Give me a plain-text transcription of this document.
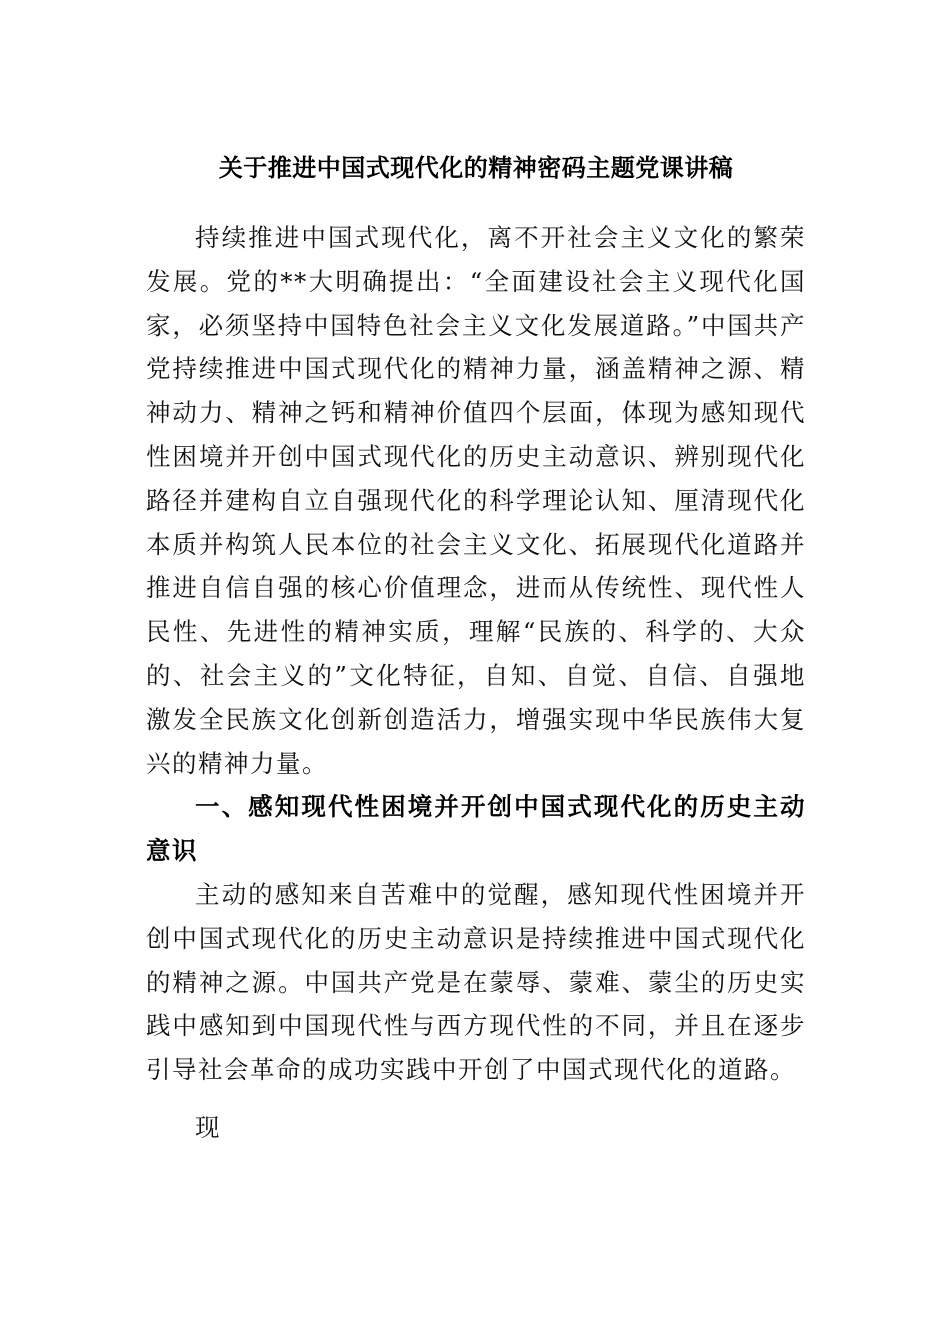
关于推进中国式现代化的精神密码主题党课讲稿

持续推进中国式现代化，离不开社会主义文化的繁荣发展。党的**大明确提出：“全面建设社会主义现代化国家，必须坚持中国特色社会主义文化发展道路。”中国共产党持续推进中国式现代化的精神力量，涵盖精神之源、精神动力、精神之钙和精神价值四个层面，体现为感知现代性困境并开创中国式现代化的历史主动意识、辨别现代化路径并建构自立自强现代化的科学理论认知、厘清现代化本质并构筑人民本位的社会主义文化、拓展现代化道路并推进自信自强的核心价值理念，进而从传统性、现代性人民性、先进性的精神实质，理解“民族的、科学的、大众的、社会主义的”文化特征，自知、自觉、自信、自强地激发全民族文化创新创造活力，增强实现中华民族伟大复兴的精神力量。

一、感知现代性困境并开创中国式现代化的历史主动意识

主动的感知来自苦难中的觉醒，感知现代性困境并开创中国式现代化的历史主动意识是持续推进中国式现代化的精神之源。中国共产党是在蒙辱、蒙难、蒙尘的历史实践中感知到中国现代性与西方现代性的不同，并且在逐步引导社会革命的成功实践中开创了中国式现代化的道路。

现
